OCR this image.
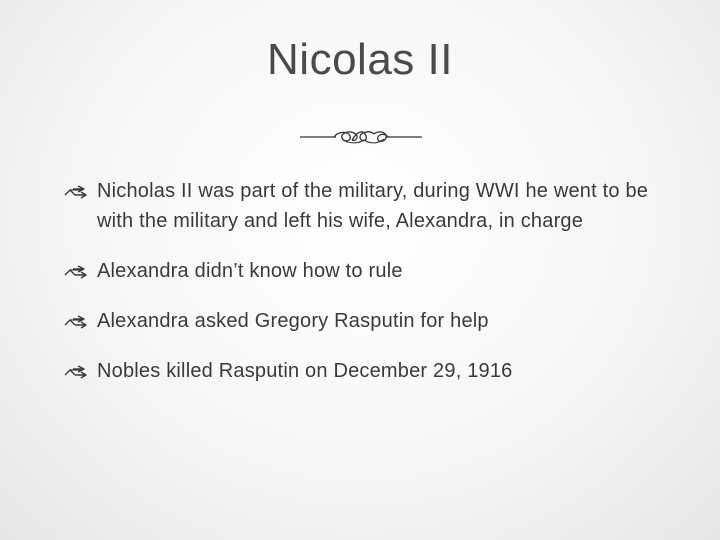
Nicolas II
Nicholas II was part of the military, during WWI he went to be with the military and left his wife, Alexandra, in charge
Alexandra didn’t know how to rule
Alexandra asked Gregory Rasputin for help
Nobles killed Rasputin on December 29, 1916
